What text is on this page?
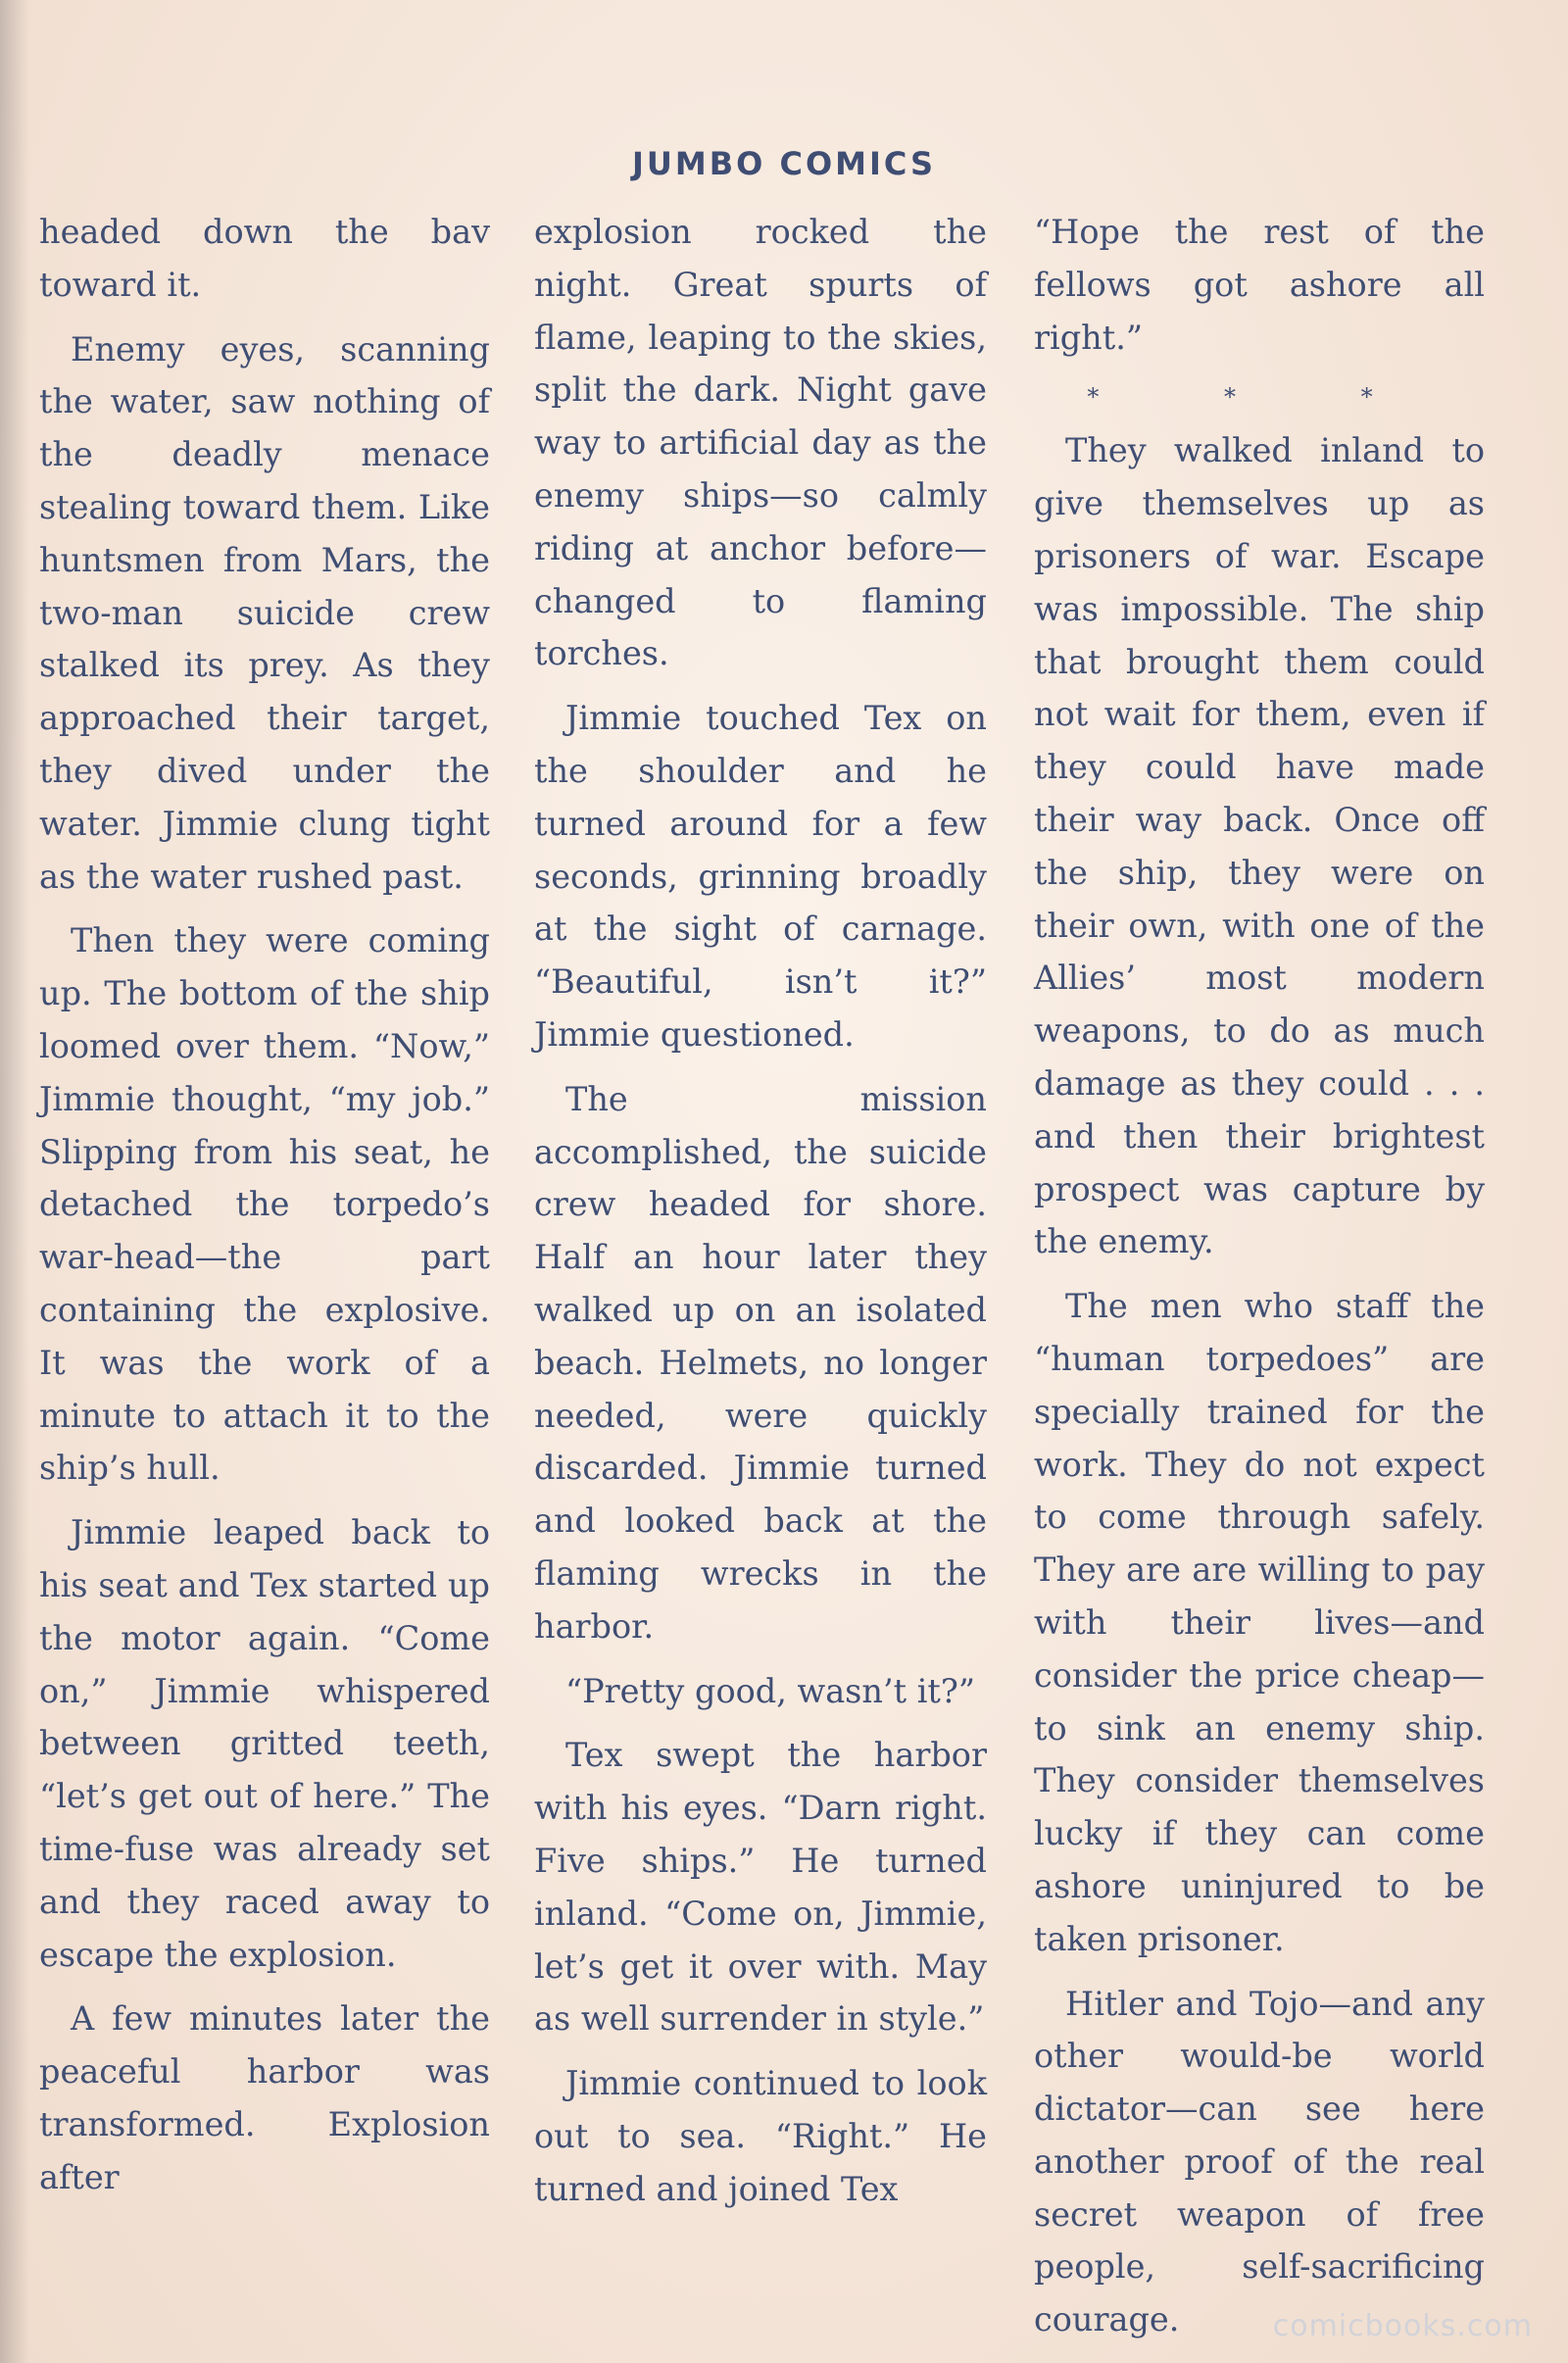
JUMBO COMICS

headed down the bav toward it.

Enemy eyes, scanning the water, saw nothing of the deadly menace stealing toward them. Like huntsmen from Mars, the two-man suicide crew stalked its prey. As they approached their target, they dived under the water. Jimmie clung tight as the water rushed past.

Then they were coming up. The bottom of the ship loomed over them. “Now,” Jimmie thought, “my job.” Slipping from his seat, he detached the torpedo’s war-head—the part containing the explosive. It was the work of a minute to attach it to the ship’s hull.

Jimmie leaped back to his seat and Tex started up the motor again. “Come on,” Jimmie whispered between gritted teeth, “let’s get out of here.” The time-fuse was already set and they raced away to escape the explosion.

A few minutes later the peaceful harbor was transformed. Explosion after

explosion rocked the night. Great spurts of flame, leaping to the skies, split the dark. Night gave way to artificial day as the enemy ships—so calmly riding at anchor before—changed to flaming torches.

Jimmie touched Tex on the shoulder and he turned around for a few seconds, grinning broadly at the sight of carnage. “Beautiful, isn’t it?” Jimmie questioned.

The mission accomplished, the suicide crew headed for shore. Half an hour later they walked up on an isolated beach. Helmets, no longer needed, were quickly discarded. Jimmie turned and looked back at the flaming wrecks in the harbor.

“Pretty good, wasn’t it?”

Tex swept the harbor with his eyes. “Darn right. Five ships.” He turned inland. “Come on, Jimmie, let’s get it over with. May as well surrender in style.”

Jimmie continued to look out to sea. “Right.” He turned and joined Tex

“Hope the rest of the fellows got ashore all right.”

* * *

They walked inland to give themselves up as prisoners of war. Escape was impossible. The ship that brought them could not wait for them, even if they could have made their way back. Once off the ship, they were on their own, with one of the Allies’ most modern weapons, to do as much damage as they could . . . and then their brightest prospect was capture by the enemy.

The men who staff the “human torpedoes” are specially trained for the work. They do not expect to come through safely. They are are willing to pay with their lives—and consider the price cheap—to sink an enemy ship. They consider themselves lucky if they can come ashore uninjured to be taken prisoner.

Hitler and Tojo—and any other would-be world dictator—can see here another proof of the real secret weapon of free people, self-sacrificing courage.	comicbooks.com
